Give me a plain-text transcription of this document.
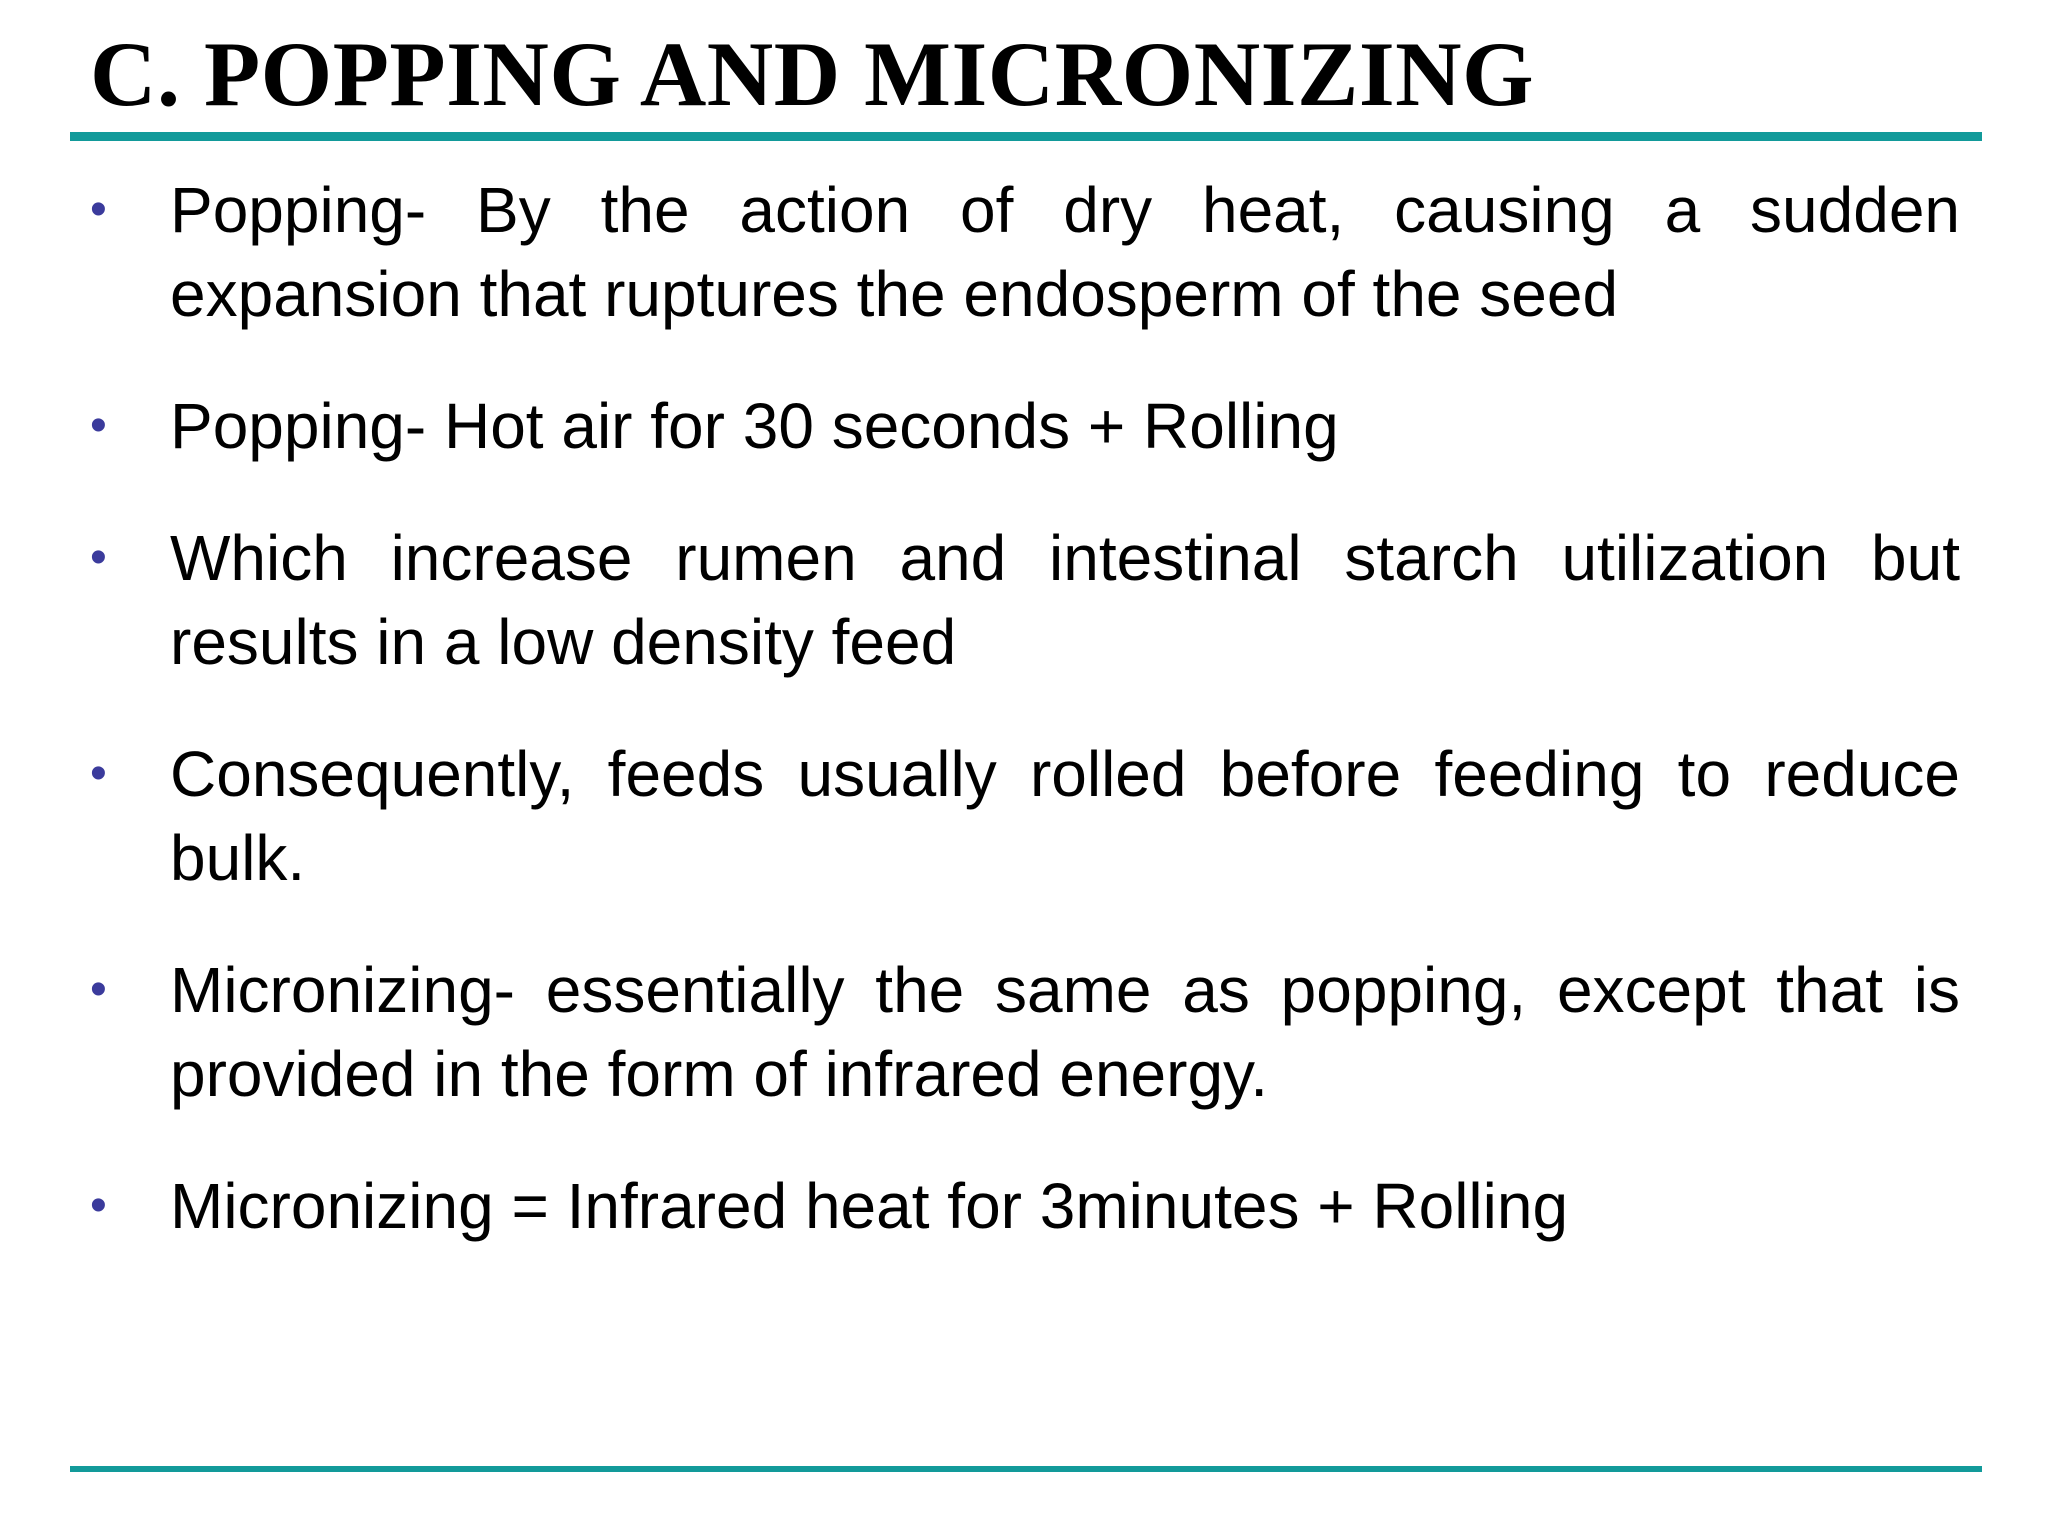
C. POPPING AND MICRONIZING
• Popping- By the action of dry heat, causing a sudden expansion that ruptures the endosperm of the seed
• Popping- Hot air for 30 seconds + Rolling
• Which increase rumen and intestinal starch utilization but results in a low density feed
• Consequently, feeds usually rolled before feeding to reduce bulk.
• Micronizing- essentially the same as popping, except that is provided in the form of infrared energy.
• Micronizing = Infrared heat for 3minutes + Rolling
